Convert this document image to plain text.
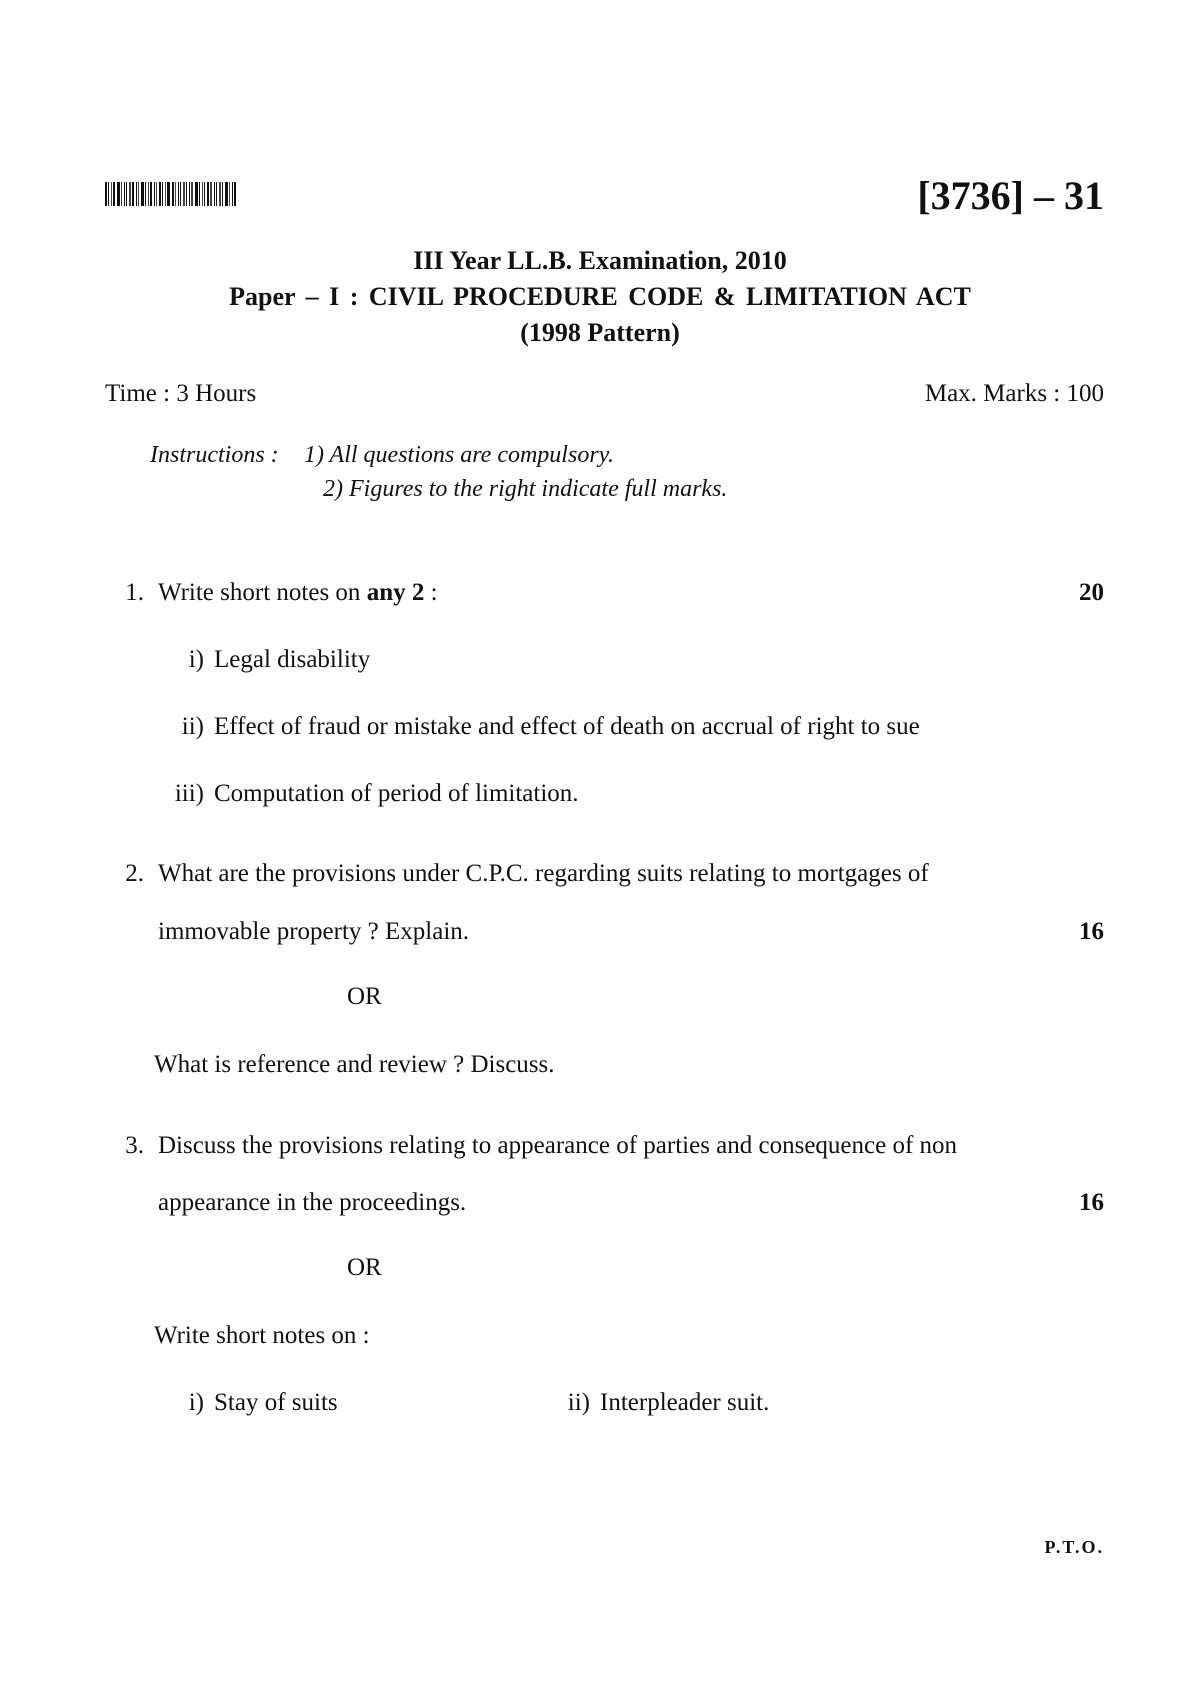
[3736] – 31
III Year LL.B. Examination, 2010
Paper – I : CIVIL PROCEDURE CODE & LIMITATION ACT
(1998 Pattern)
Time : 3 Hours	Max. Marks : 100
Instructions : 1) All questions are compulsory.
2) Figures to the right indicate full marks.
1. Write short notes on any 2 :	20
i) Legal disability
ii) Effect of fraud or mistake and effect of death on accrual of right to sue
iii) Computation of period of limitation.
2. What are the provisions under C.P.C. regarding suits relating to mortgages of
immovable property ? Explain.	16
OR
What is reference and review ? Discuss.
3. Discuss the provisions relating to appearance of parties and consequence of non
appearance in the proceedings.	16
OR
Write short notes on :
i) Stay of suits	ii) Interpleader suit.
P.T.O.
